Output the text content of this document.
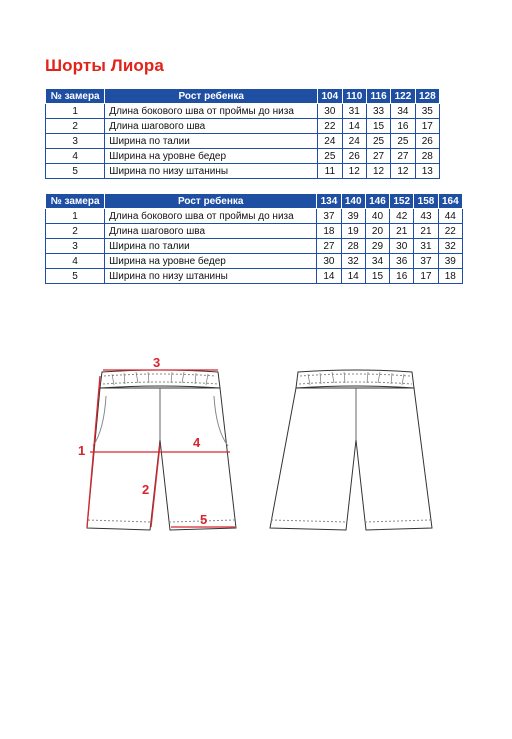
Шорты Лиора
№ замера	Рост ребенка	104	110	116	122	128
1	Длина бокового шва от проймы до низа	30	31	33	34	35
2	Длина шагового шва	22	14	15	16	17
3	Ширина по талии	24	24	25	25	26
4	Ширина на уровне бедер	25	26	27	27	28
5	Ширина по низу штанины	11	12	12	12	13
№ замера	Рост ребенка	134	140	146	152	158	164
1	Длина бокового шва от проймы до низа	37	39	40	42	43	44
2	Длина шагового шва	18	19	20	21	21	22
3	Ширина по талии	27	28	29	30	31	32
4	Ширина на уровне бедер	30	32	34	36	37	39
5	Ширина по низу штанины	14	14	15	16	17	18
3
1
4
2
5
